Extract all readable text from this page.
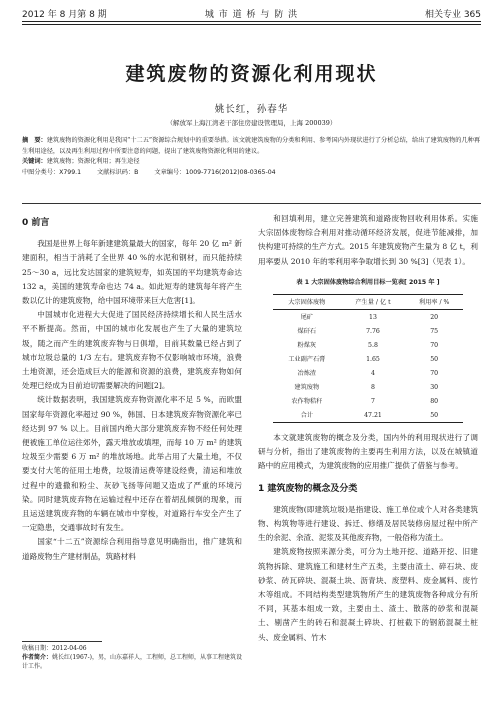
2012 年 8 月第 8 期	城 市 道 桥 与 防 洪	相关专业 365
建筑废物的资源化利用现状
姚长红，孙春华
（解放军上海江湾老干部住房建设管理局，上海 200039）
摘　要：建筑废物的资源化利用是我国“十二五”资源综合规划中的重要举措。该文就建筑废物的分类和利用、参考国内外现状进行了分析总结，给出了建筑废物的几种再生利用途径，以及再生利用过程中所要注意的问题，提出了建筑废物资源化利用的建议。
关键词：建筑废物；资源化利用；再生途径
中图分类号：X799.1	文献标识码：B	文章编号：1009-7716(2012)08-0365-04
0 前言

我国是世界上每年新建建筑量最大的国家，每年 20 亿 m² 新建面积，相当于消耗了全世界 40 %的水泥和钢材，而只能持续 25～30 a，远比发达国家的建筑短寿，如英国的平均建筑寿命达 132 a，美国的建筑寿命也达 74 a。如此短寿的建筑每年将产生数以亿计的建筑废物，给中国环境带来巨大危害[1]。

中国城市化进程大大促进了国民经济持续增长和人民生活水平不断提高。然而，中国的城市化发展也产生了大量的建筑垃圾，随之而产生的建筑废弃物与日俱增，目前其数量已经占到了城市垃圾总量的 1/3 左右。建筑废弃物不仅影响城市环境，浪费土地资源，还会造成巨大的能源和资源的浪费，建筑废弃物如何处理已经成为目前迫切需要解决的问题[2]。

统计数据表明，我国建筑废弃物资源化率不足 5 %，而欧盟国家每年资源化率超过 90 %，韩国、日本建筑废弃物资源化率已经达到 97 % 以上。目前国内绝大部分建筑废弃物不经任何处理便被施工单位运往郊外，露天堆放或填埋，而每 10 万 m² 的建筑垃圾至少需要 6 万 m² 的堆放场地。此举占用了大量土地，不仅要支付大笔的征用土地费，垃圾清运费等建设经费，清运和堆放过程中的遗撒和粉尘、灰砂飞扬等问题又造成了严重的环境污染。同时建筑废弃物在运输过程中还存在着胡乱倾倒的现象，而且运送建筑废弃物的车辆在城市中穿梭，对道路行车安全产生了一定隐患，交通事故时有发生。

国家“十二五”资源综合利用指导意见明确指出，推广建筑和道路废物生产建材制品，筑路材料

和回填利用，建立完善建筑和道路废物回收利用体系。实施大宗固体废物综合利用对推动循环经济发展，促进节能减排，加快构建可持续的生产方式。2015 年建筑废物产生量为 8 亿 t，利用率要从 2010 年的零利用率争取增长到 30 %[3]（见表 1）。

表 1 大宗固体废物综合利用目标一览表[ 2015 年 ]
大宗固体废物	产生量 / 亿 t	利用率 / %
尾矿	13	20
煤矸石	7.76	75
粉煤灰	5.8	70
工业副产石膏	1.65	50
冶炼渣	4	70
建筑废物	8	30
农作物秸秆	7	80
合计	47.21	50

本文就建筑废物的概念及分类，国内外的利用现状进行了调研与分析，指出了建筑废物的主要再生利用方法，以及在城镇道路中的应用模式，为建筑废物的应用推广提供了借鉴与参考。

1 建筑废物的概念及分类

建筑废物(即建筑垃圾)是指建设、施工单位或个人对各类建筑物、构筑物等进行建设、拆迁、修缮及居民装修房屋过程中所产生的余泥、余渣、泥浆及其他废弃物，一般俗称为渣土。

建筑废物按照来源分类，可分为土地开挖、道路开挖、旧建筑物拆除、建筑施工和建材生产五类，主要由渣土、碎石块、废砂浆、砖瓦碎块、混凝土块、沥青块、废塑料、废金属料、废竹木等组成。不同结构类型建筑物所产生的建筑废物各种成分有所不同，其基本组成一致，主要由土、渣土、散落的砂浆和混凝土、剔凿产生的砖石和混凝土碎块、打桩截下的钢筋混凝土桩头、废金属料、竹木

收稿日期：2012-04-06
作者简介：姚长红(1967-)，男，山东嘉祥人，工程师，总工程师，从事工程建筑设计工作。
